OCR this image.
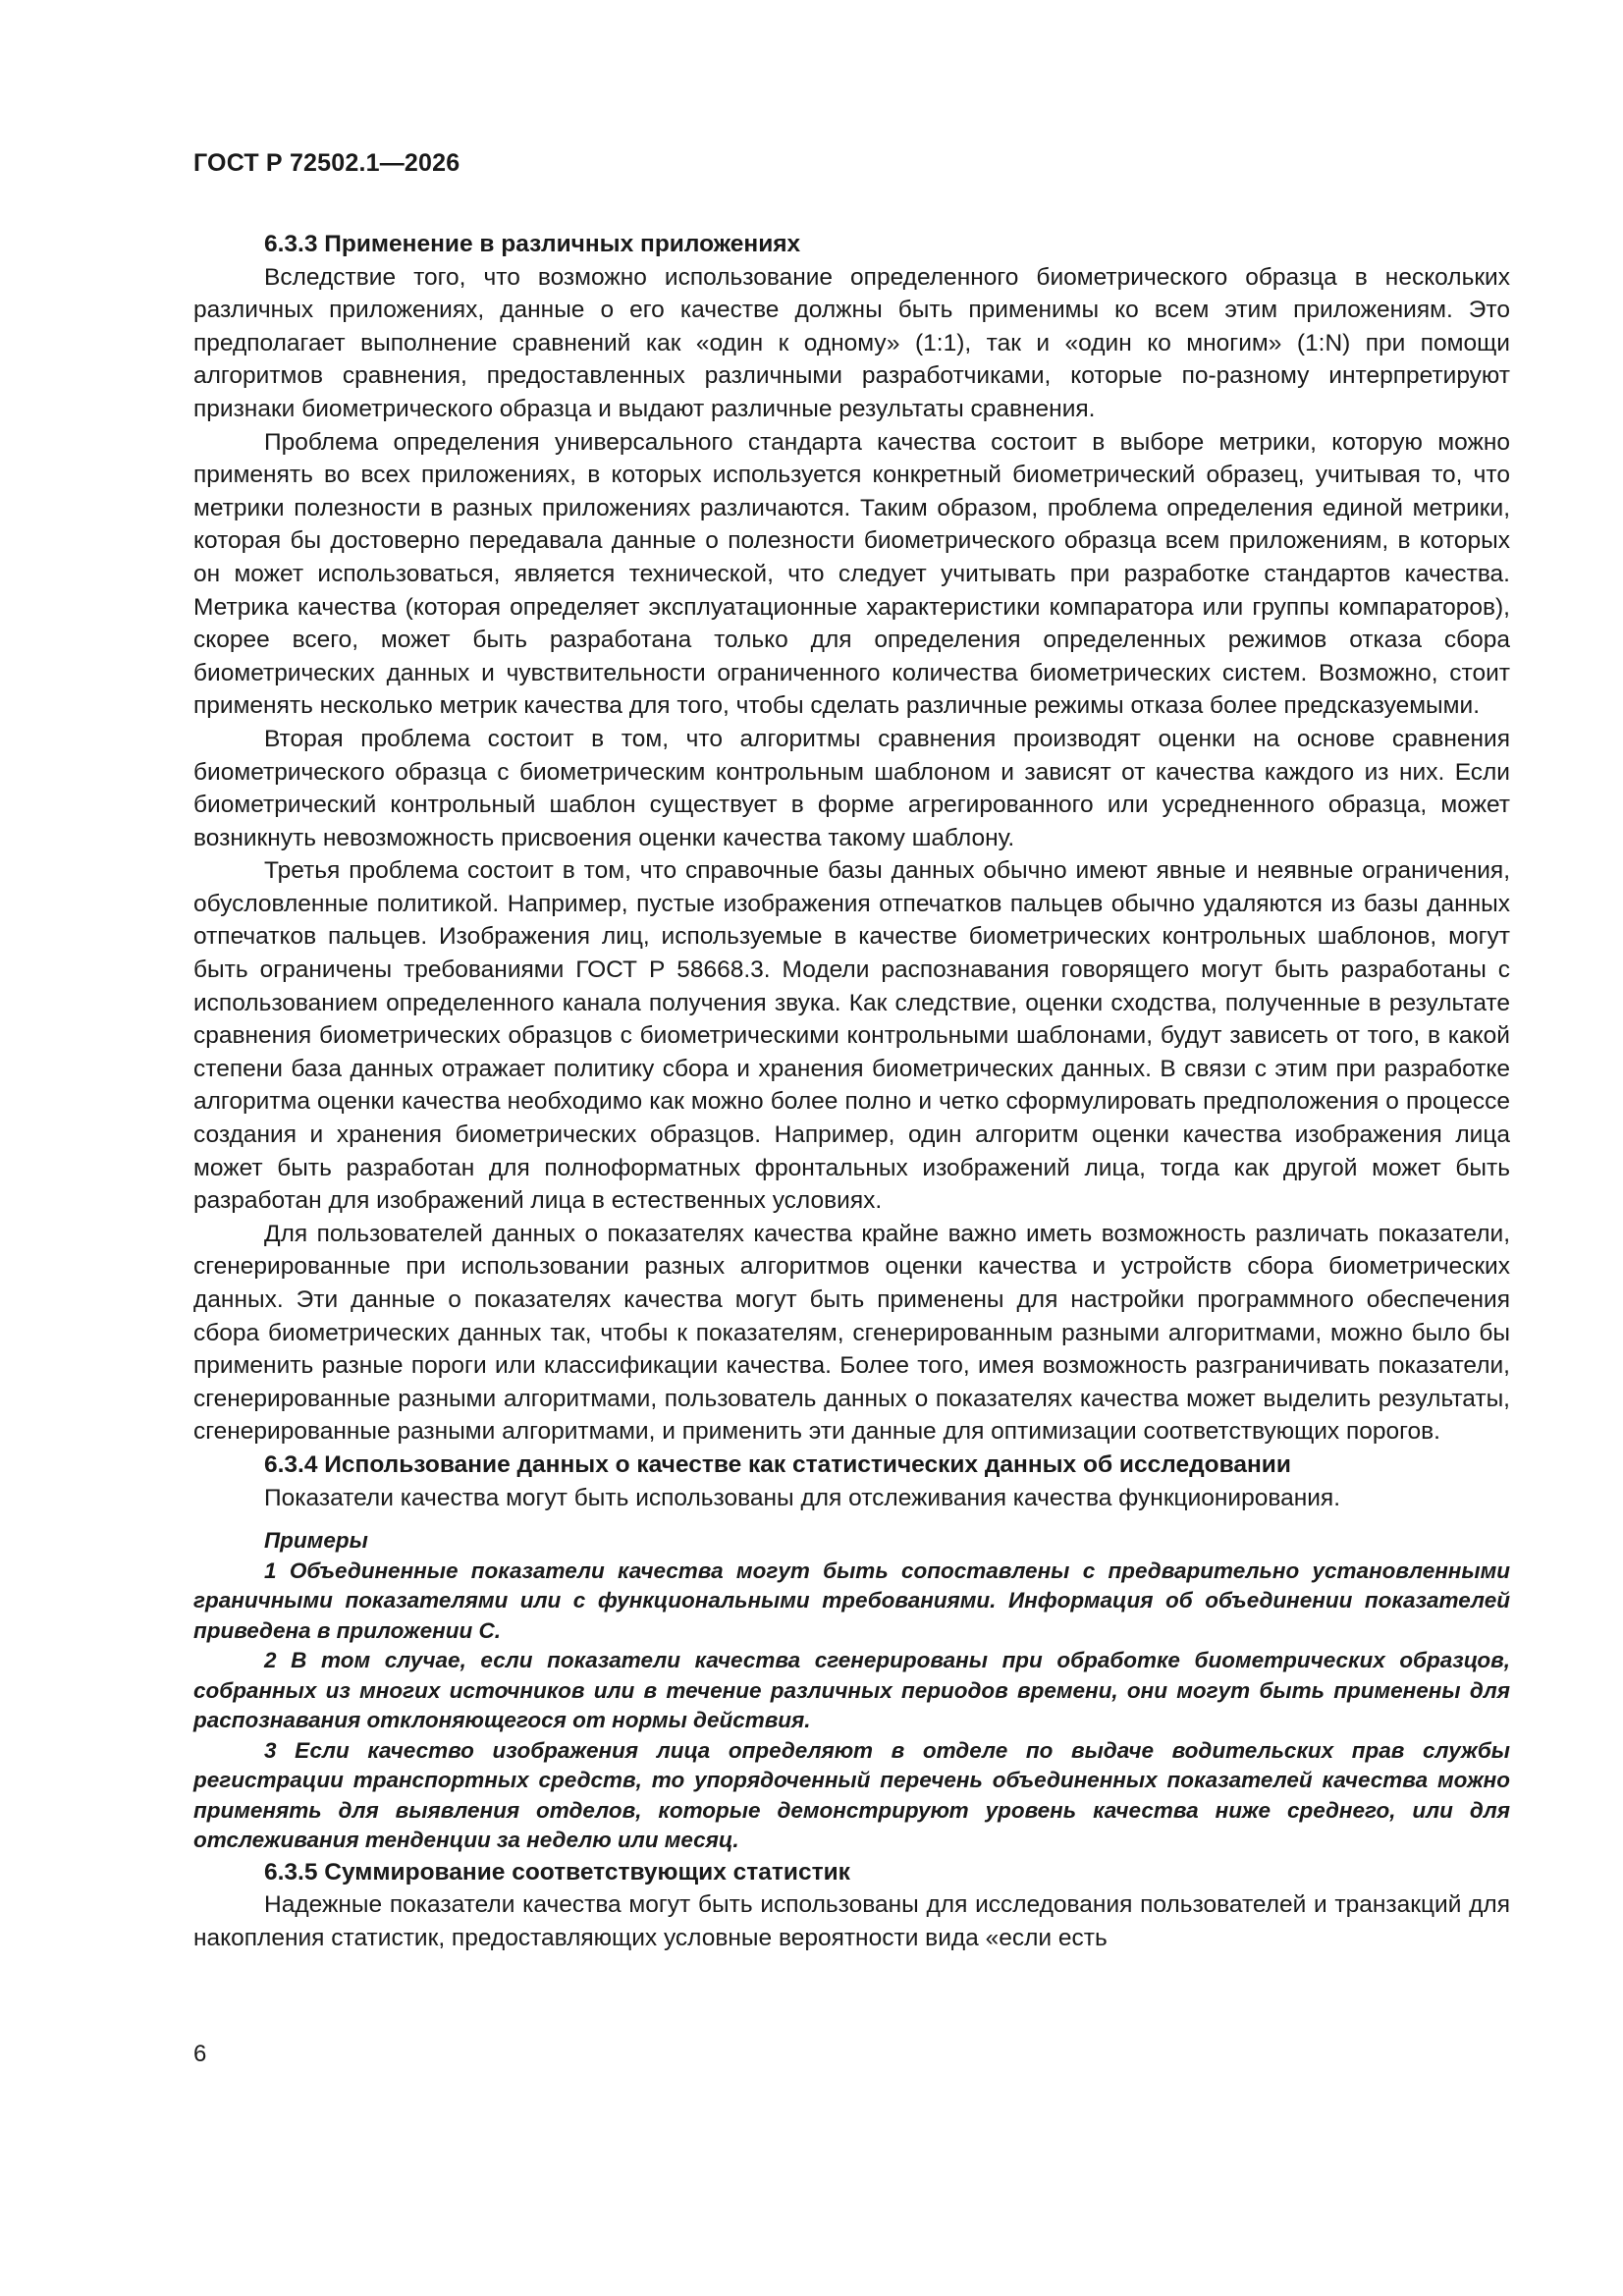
ГОСТ Р 72502.1—2026
6.3.3 Применение в различных приложениях

Вследствие того, что возможно использование определенного биометрического образца в нескольких различных приложениях, данные о его качестве должны быть применимы ко всем этим приложениям. Это предполагает выполнение сравнений как «один к одному» (1:1), так и «один ко многим» (1:N) при помощи алгоритмов сравнения, предоставленных различными разработчиками, которые по-разному интерпретируют признаки биометрического образца и выдают различные результаты сравнения.

Проблема определения универсального стандарта качества состоит в выборе метрики, которую можно применять во всех приложениях, в которых используется конкретный биометрический образец, учитывая то, что метрики полезности в разных приложениях различаются. Таким образом, проблема определения единой метрики, которая бы достоверно передавала данные о полезности биометрического образца всем приложениям, в которых он может использоваться, является технической, что следует учитывать при разработке стандартов качества. Метрика качества (которая определяет эксплуатационные характеристики компаратора или группы компараторов), скорее всего, может быть разработана только для определения определенных режимов отказа сбора биометрических данных и чувствительности ограниченного количества биометрических систем. Возможно, стоит применять несколько метрик качества для того, чтобы сделать различные режимы отказа более предсказуемыми.

Вторая проблема состоит в том, что алгоритмы сравнения производят оценки на основе сравнения биометрического образца с биометрическим контрольным шаблоном и зависят от качества каждого из них. Если биометрический контрольный шаблон существует в форме агрегированного или усредненного образца, может возникнуть невозможность присвоения оценки качества такому шаблону.

Третья проблема состоит в том, что справочные базы данных обычно имеют явные и неявные ограничения, обусловленные политикой. Например, пустые изображения отпечатков пальцев обычно удаляются из базы данных отпечатков пальцев. Изображения лиц, используемые в качестве биометрических контрольных шаблонов, могут быть ограничены требованиями ГОСТ Р 58668.3. Модели распознавания говорящего могут быть разработаны с использованием определенного канала получения звука. Как следствие, оценки сходства, полученные в результате сравнения биометрических образцов с биометрическими контрольными шаблонами, будут зависеть от того, в какой степени база данных отражает политику сбора и хранения биометрических данных. В связи с этим при разработке алгоритма оценки качества необходимо как можно более полно и четко сформулировать предположения о процессе создания и хранения биометрических образцов. Например, один алгоритм оценки качества изображения лица может быть разработан для полноформатных фронтальных изображений лица, тогда как другой может быть разработан для изображений лица в естественных условиях.

Для пользователей данных о показателях качества крайне важно иметь возможность различать показатели, сгенерированные при использовании разных алгоритмов оценки качества и устройств сбора биометрических данных. Эти данные о показателях качества могут быть применены для настройки программного обеспечения сбора биометрических данных так, чтобы к показателям, сгенерированным разными алгоритмами, можно было бы применить разные пороги или классификации качества. Более того, имея возможность разграничивать показатели, сгенерированные разными алгоритмами, пользователь данных о показателях качества может выделить результаты, сгенерированные разными алгоритмами, и применить эти данные для оптимизации соответствующих порогов.

6.3.4 Использование данных о качестве как статистических данных об исследовании

Показатели качества могут быть использованы для отслеживания качества функционирования.

Примеры

1 Объединенные показатели качества могут быть сопоставлены с предварительно установленными граничными показателями или с функциональными требованиями. Информация об объединении показателей приведена в приложении С.

2 В том случае, если показатели качества сгенерированы при обработке биометрических образцов, собранных из многих источников или в течение различных периодов времени, они могут быть применены для распознавания отклоняющегося от нормы действия.

3 Если качество изображения лица определяют в отделе по выдаче водительских прав службы регистрации транспортных средств, то упорядоченный перечень объединенных показателей качества можно применять для выявления отделов, которые демонстрируют уровень качества ниже среднего, или для отслеживания тенденции за неделю или месяц.

6.3.5 Суммирование соответствующих статистик

Надежные показатели качества могут быть использованы для исследования пользователей и транзакций для накопления статистик, предоставляющих условные вероятности вида «если есть

6
